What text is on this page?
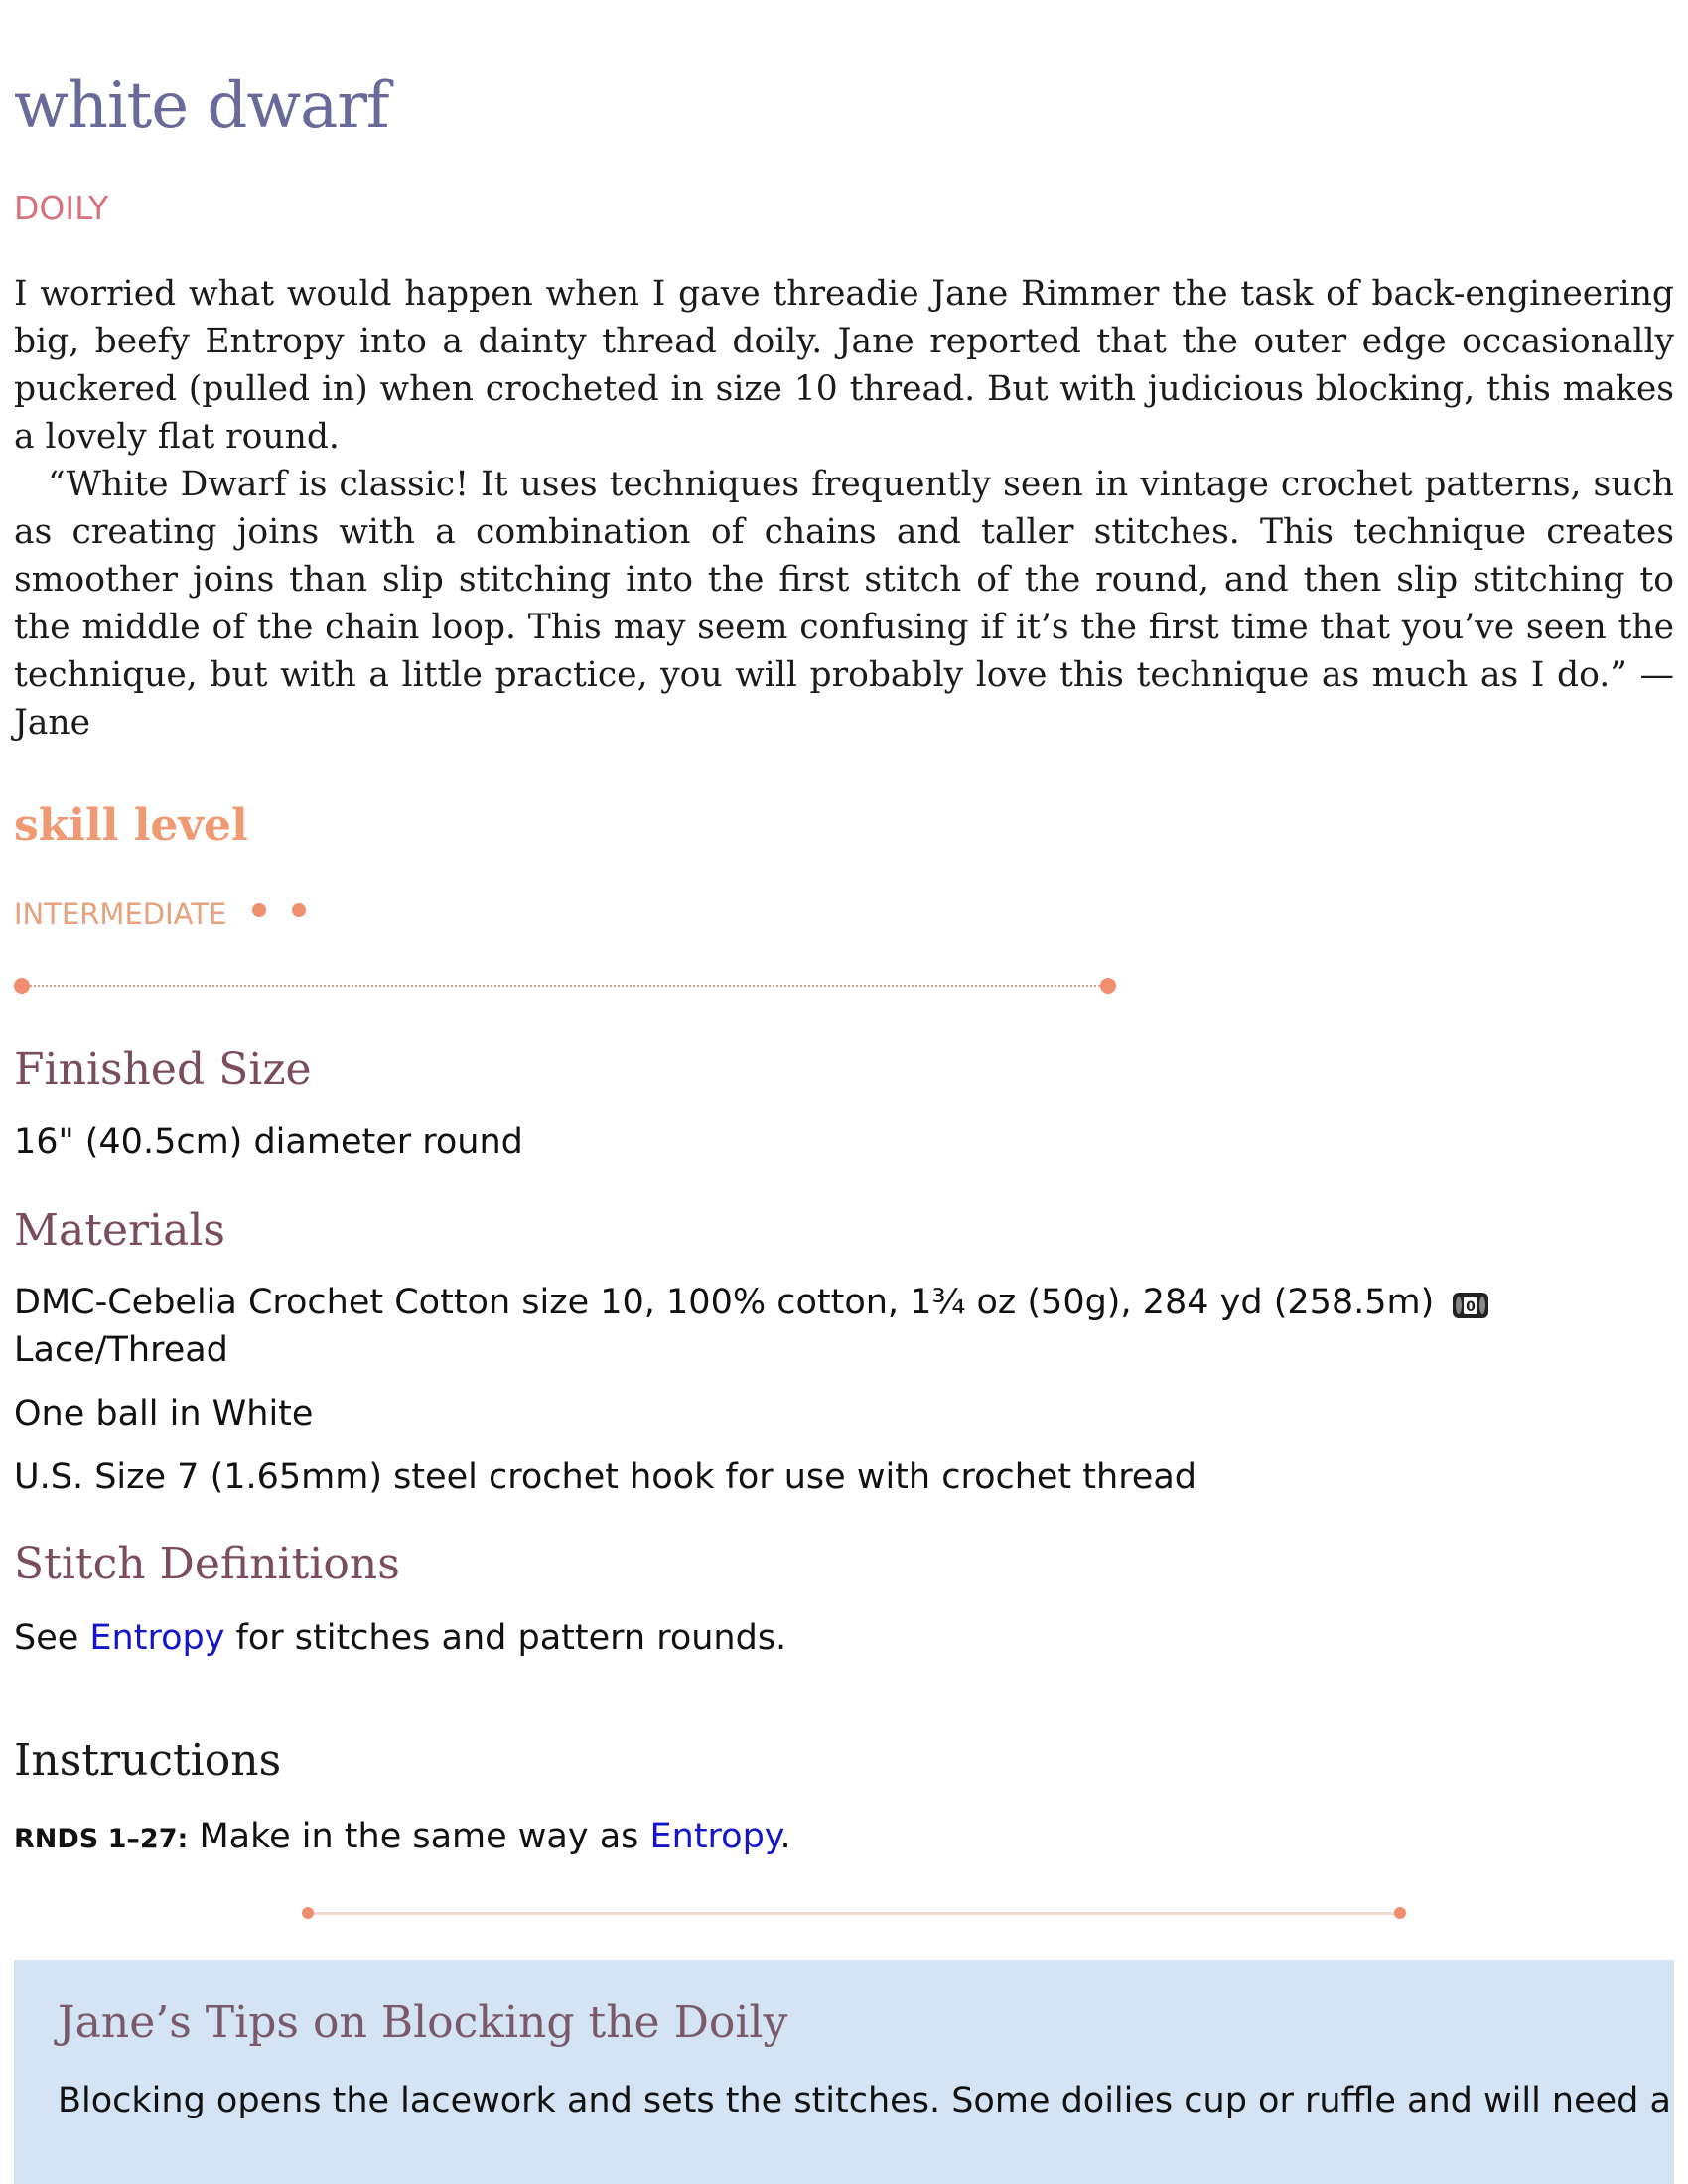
white dwarf
DOILY

I worried what would happen when I gave threadie Jane Rimmer the task of back-engineering big, beefy Entropy into a dainty thread doily. Jane reported that the outer edge occasionally puckered (pulled in) when crocheted in size 10 thread. But with judicious blocking, this makes a lovely flat round.

“White Dwarf is classic! It uses techniques frequently seen in vintage crochet patterns, such as creating joins with a combination of chains and taller stitches. This technique creates smoother joins than slip stitching into the first stitch of the round, and then slip stitching to the middle of the chain loop. This may seem confusing if it’s the first time that you’ve seen the technique, but with a little practice, you will probably love this technique as much as I do.” —Jane

skill level
INTERMEDIATE
Finished Size

16" (40.5cm) diameter round

Materials

DMC-Cebelia Crochet Cotton size 10, 100% cotton, 1¾ oz (50g), 284 yd (258.5m) 0

Lace/Thread

One ball in White

U.S. Size 7 (1.65mm) steel crochet hook for use with crochet thread

Stitch Definitions

See Entropy for stitches and pattern rounds.

Instructions

RNDS 1–27: Make in the same way as Entropy.

Jane’s Tips on Blocking the Doily

Blocking opens the lacework and sets the stitches. Some doilies cup or ruffle and will need a
